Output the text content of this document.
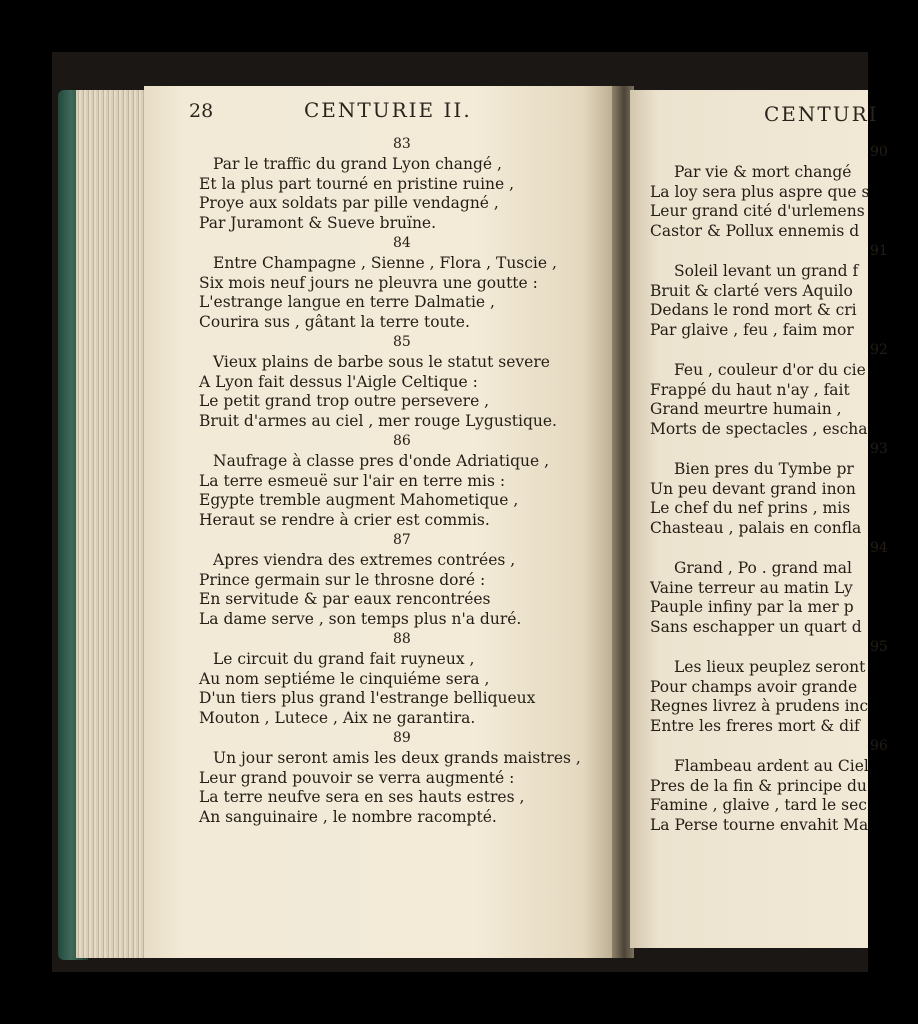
28	CENTURIE II.
83
Par le traffic du grand Lyon changé ,
Et la plus part tourné en pristine ruine ,
Proye aux soldats par pille vendagné ,
Par Juramont & Sueve bruïne.
84
Entre Champagne , Sienne , Flora , Tuscie ,
Six mois neuf jours ne pleuvra une goutte :
L'estrange langue en terre Dalmatie ,
Courira sus , gâtant la terre toute.
85
Vieux plains de barbe sous le statut severe
A Lyon fait dessus l'Aigle Celtique :
Le petit grand trop outre persevere ,
Bruit d'armes au ciel , mer rouge Lygustique.
86
Naufrage à classe pres d'onde Adriatique ,
La terre esmeuë sur l'air en terre mis :
Egypte tremble augment Mahometique ,
Heraut se rendre à crier est commis.
87
Apres viendra des extremes contrées ,
Prince germain sur le throsne doré :
En servitude & par eaux rencontrées
La dame serve , son temps plus n'a duré.
88
Le circuit du grand fait ruyneux ,
Au nom septiéme le cinquiéme sera ,
D'un tiers plus grand l'estrange belliqueux
Mouton , Lutece , Aix ne garantira.
89
Un jour seront amis les deux grands maistres ,
Leur grand pouvoir se verra augmenté :
La terre neufve sera en ses hauts estres ,
An sanguinaire , le nombre racompté.
CENTURI
90
Par vie & mort changé
La loy sera plus aspre que s
Leur grand cité d'urlemens
Castor & Pollux ennemis d
91
Soleil levant un grand f
Bruit & clarté vers Aquilo
Dedans le rond mort & cri
Par glaive , feu , faim mor
92
Feu , couleur d'or du cie
Frappé du haut n'ay , fait
Grand meurtre humain ,
Morts de spectacles , escha
93
Bien pres du Tymbe pr
Un peu devant grand inon
Le chef du nef prins , mis
Chasteau , palais en confla
94
Grand , Po . grand mal
Vaine terreur au matin Ly
Pauple infiny par la mer p
Sans eschapper un quart d
95
Les lieux peuplez seront
Pour champs avoir grande
Regnes livrez à prudens inc
Entre les freres mort & dif
96
Flambeau ardent au Ciel
Pres de la fin & principe du
Famine , glaive , tard le sec
La Perse tourne envahit Ma
